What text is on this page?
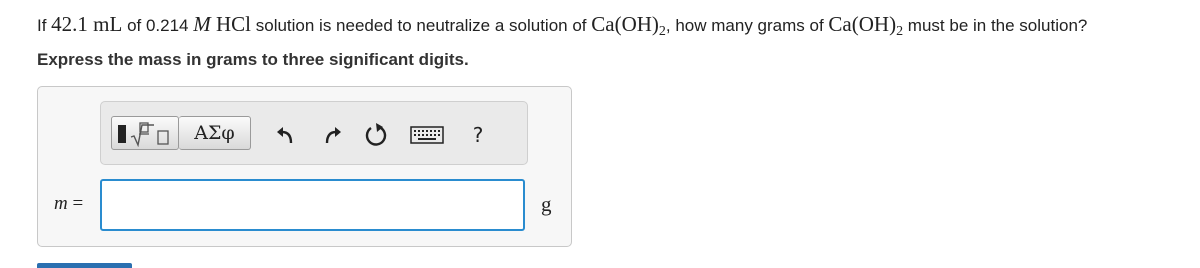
If 42.1 mL of 0.214 M HCl solution is needed to neutralize a solution of $Ca(OH)_2$, how many grams of $Ca(OH)_2$ must be in the solution?
Express the mass in grams to three significant digits.
ΑΣφ	?
m =	g
